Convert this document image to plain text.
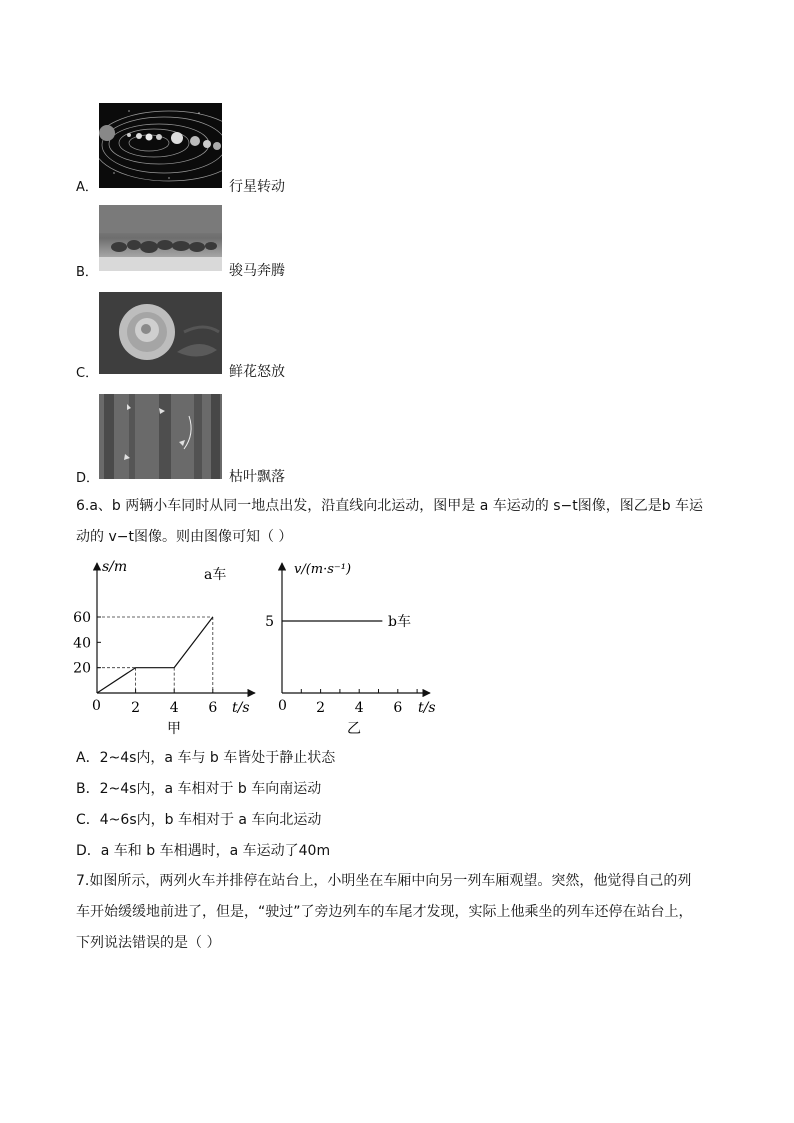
A．	行星转动
B．	骏马奔腾
C．	鲜花怒放
D．	枯叶飘落
6.a、b 两辆小车同时从同一地点出发，沿直线向北运动，图甲是 a 车运动的 s−t图像，图乙是b 车运
动的 v−t图像。则由图像可知（ ）
20
40
60
2 4 6
s/m
t/s
a车
0
甲
2 4 6
5
v/(m·s⁻¹)
t/s
b车
0
乙
A．2~4s内，a 车与 b 车皆处于静止状态
B．2~4s内，a 车相对于 b 车向南运动
C．4~6s内，b 车相对于 a 车向北运动
D．a 车和 b 车相遇时，a 车运动了40m
7.如图所示，两列火车并排停在站台上，小明坐在车厢中向另一列车厢观望。突然，他觉得自己的列
车开始缓缓地前进了，但是，“驶过”了旁边列车的车尾才发现，实际上他乘坐的列车还停在站台上，
下列说法错误的是（ ）
